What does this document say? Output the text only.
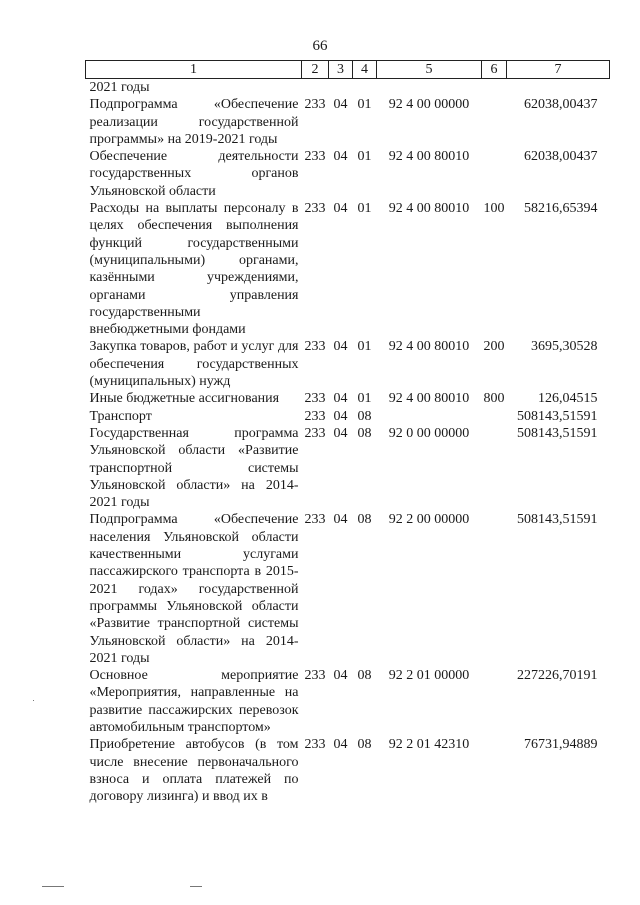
66
1	2	3	4	5	6	7
2021 годы						
Подпрограмма «Обеспечение реализации государственной программы» на 2019-2021 годы	233	04	01	92 4 00 00000		62038,00437
Обеспечение деятельности государственных органов Ульяновской области	233	04	01	92 4 00 80010		62038,00437
Расходы на выплаты персоналу в целях обеспечения выполнения функций государственными (муниципальными) органами, казёнными учреждениями, органами управления государственными внебюджетными фондами	233	04	01	92 4 00 80010	100	58216,65394
Закупка товаров, работ и услуг для обеспечения государственных (муниципальных) нужд	233	04	01	92 4 00 80010	200	3695,30528
Иные бюджетные ассигнования	233	04	01	92 4 00 80010	800	126,04515
Транспорт	233	04	08			508143,51591
Государственная программа Ульяновской области «Развитие транспортной системы Ульяновской области» на 2014-2021 годы	233	04	08	92 0 00 00000		508143,51591
Подпрограмма «Обеспечение населения Ульяновской области качественными услугами пассажирского транспорта в 2015-2021 годах» государственной программы Ульяновской области «Развитие транспортной системы Ульяновской области» на 2014-2021 годы	233	04	08	92 2 00 00000		508143,51591
Основное мероприятие «Мероприятия, направленные на развитие пассажирских перевозок автомобильным транспортом»	233	04	08	92 2 01 00000		227226,70191
Приобретение автобусов (в том числе внесение первоначального взноса и оплата платежей по договору лизинга) и ввод их в	233	04	08	92 2 01 42310		76731,94889
